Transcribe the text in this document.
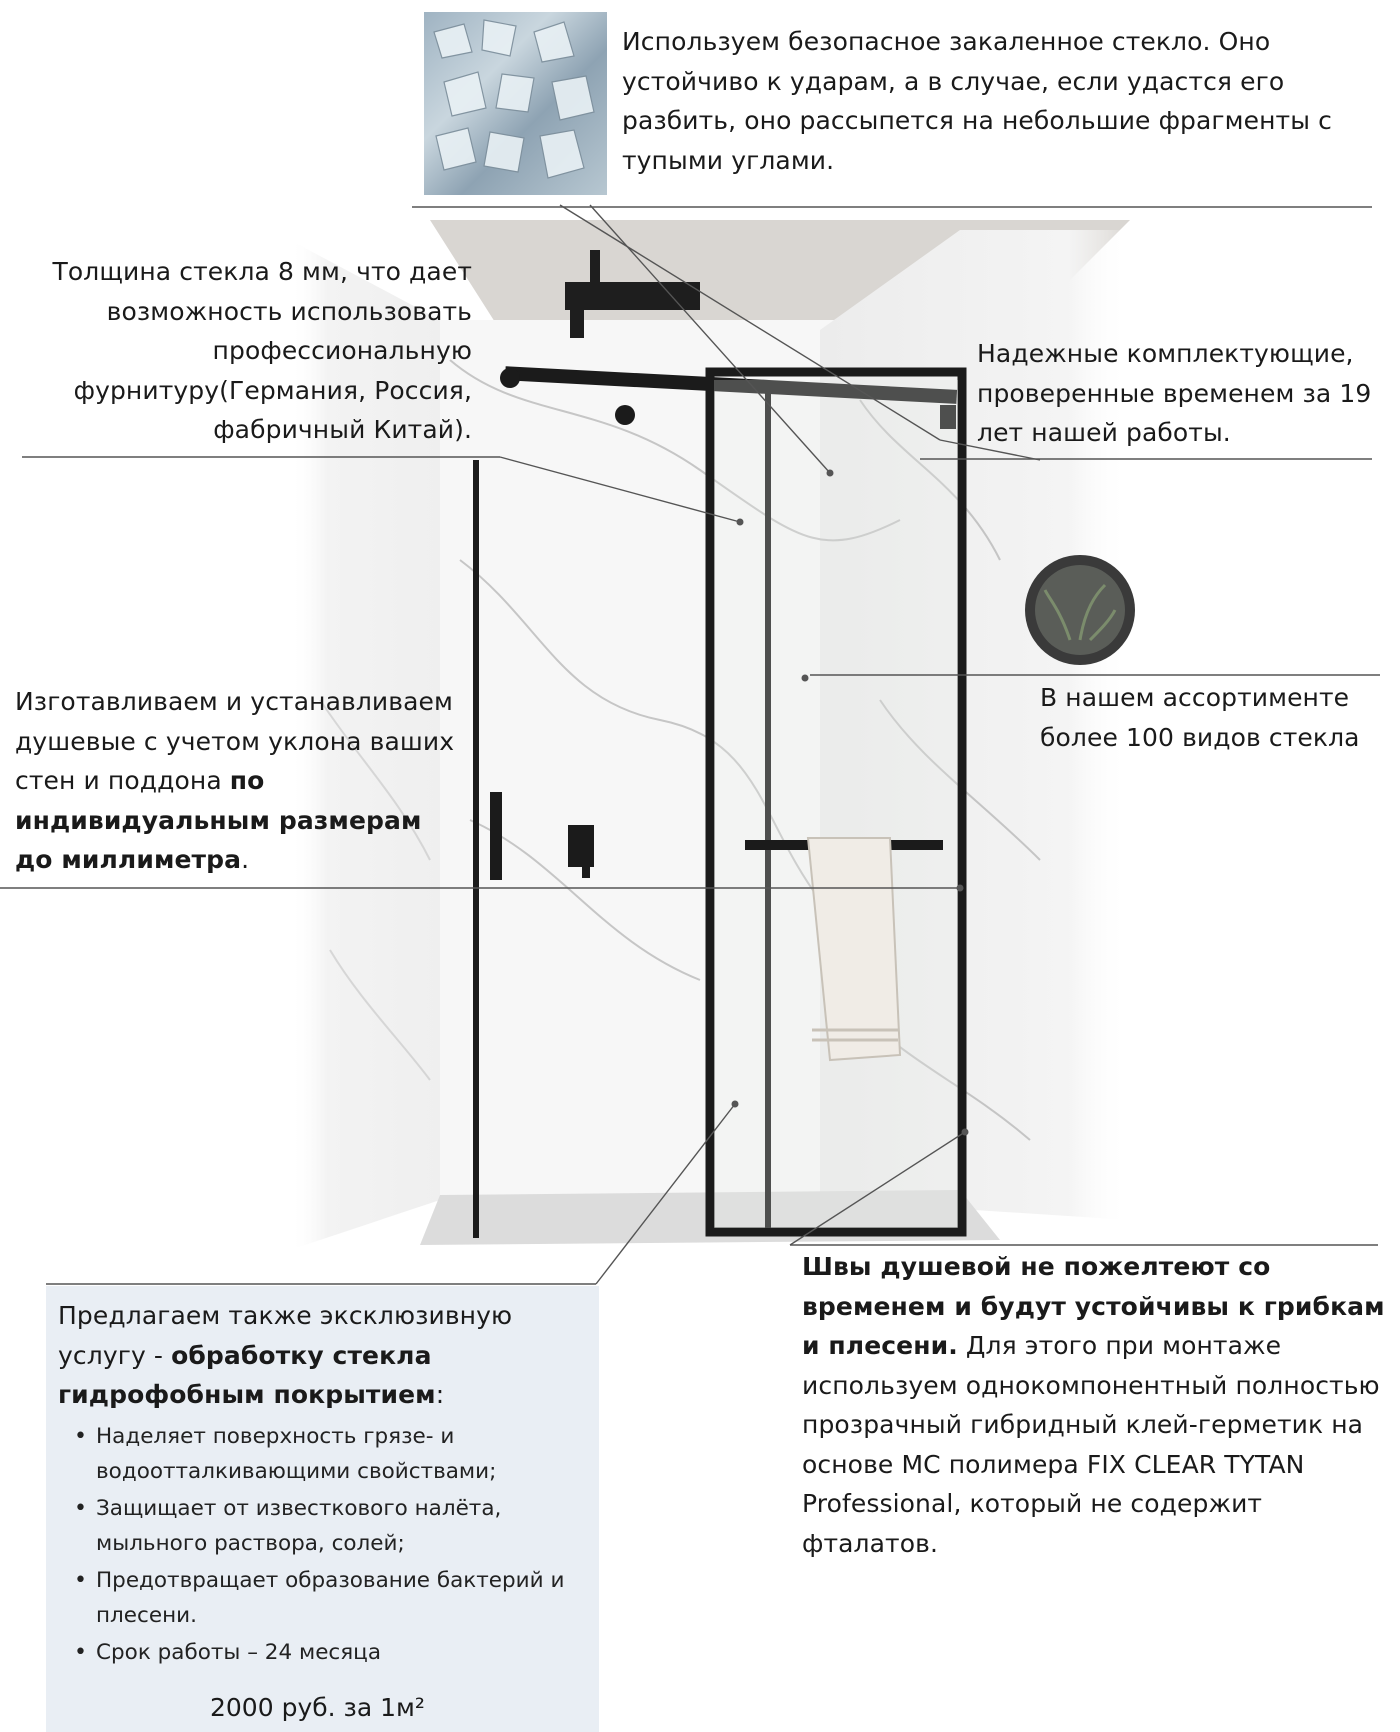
Используем безопасное закаленное стекло. Оно устойчиво к ударам, а в случае, если удастся его разбить, оно рассыпется на небольшие фрагменты с тупыми углами.
Толщина стекла 8 мм, что дает возможность использовать профессиональную фурнитуру(Германия, Россия, фабричный Китай).
Надежные комплектующие, проверенные временем за 19 лет нашей работы.
В нашем ассортименте более 100 видов стекла
Изготавливаем и устанавливаем душевые с учетом уклона ваших стен и поддона по индивидуальным размерам до миллиметра.
Швы душевой не пожелтеют со временем и будут устойчивы к грибкам и плесени. Для этого при монтаже используем однокомпонентный полностью прозрачный гибридный клей-герметик на основе МС полимера FIX CLEAR TYTAN Professional, который не содержит фталатов.
Предлагаем также эксклюзивную услугу - обработку стекла гидрофобным покрытием:
• Наделяет поверхность грязе- и водоотталкивающими свойствами;
• Защищает от известкового налёта, мыльного раствора, солей;
• Предотвращает образование бактерий и плесени.
• Срок работы – 24 месяца
2000 руб. за 1м²
